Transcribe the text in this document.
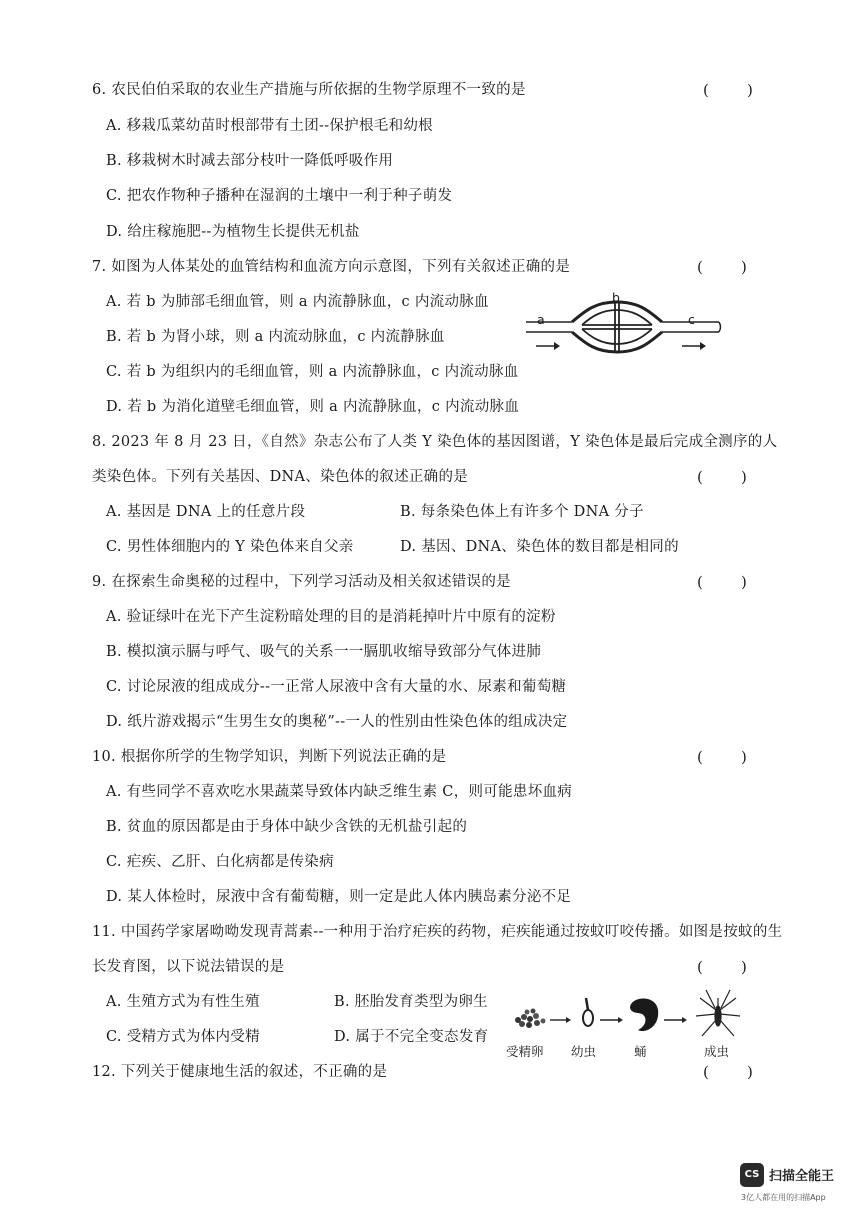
6. 农民伯伯采取的农业生产措施与所依据的生物学原理不一致的是	(        )
A. 移栽瓜菜幼苗时根部带有土团--保护根毛和幼根
B. 移栽树木时减去部分枝叶一降低呼吸作用
C. 把农作物种子播种在湿润的土壤中一利于种子萌发
D. 给庄稼施肥--为植物生长提供无机盐
7. 如图为人体某处的血管结构和血流方向示意图，下列有关叙述正确的是	(        )
A. 若 b 为肺部毛细血管，则 a 内流静脉血，c 内流动脉血
B. 若 b 为肾小球，则 a 内流动脉血，c 内流静脉血
C. 若 b 为组织内的毛细血管，则 a 内流静脉血，c 内流动脉血
D. 若 b 为消化道壁毛细血管，则 a 内流静脉血，c 内流动脉血
a
b
c
8. 2023 年 8 月 23 日，《自然》杂志公布了人类 Y 染色体的基因图谱，Y 染色体是最后完成全测序的人
类染色体。下列有关基因、DNA、染色体的叙述正确的是	(        )
A. 基因是 DNA 上的任意片段	B. 每条染色体上有许多个 DNA 分子
C. 男性体细胞内的 Y 染色体来自父亲	D. 基因、DNA、染色体的数目都是相同的
9. 在探索生命奥秘的过程中，下列学习活动及相关叙述错误的是	(        )
A. 验证绿叶在光下产生淀粉暗处理的目的是消耗掉叶片中原有的淀粉
B. 模拟演示膈与呼气、吸气的关系一一膈肌收缩导致部分气体进肺
C. 讨论尿液的组成成分--一正常人尿液中含有大量的水、尿素和葡萄糖
D. 纸片游戏揭示“生男生女的奥秘”--一人的性别由性染色体的组成决定
10. 根据你所学的生物学知识，判断下列说法正确的是	(        )
A. 有些同学不喜欢吃水果蔬菜导致体内缺乏维生素 C，则可能患坏血病
B. 贫血的原因都是由于身体中缺少含铁的无机盐引起的
C. 疟疾、乙肝、白化病都是传染病
D. 某人体检时，尿液中含有葡萄糖，则一定是此人体内胰岛素分泌不足
11. 中国药学家屠呦呦发现青蒿素--一种用于治疗疟疾的药物，疟疾能通过按蚊叮咬传播。如图是按蚊的生
长发育图，以下说法错误的是	(        )
A. 生殖方式为有性生殖	B. 胚胎发育类型为卵生
C. 受精方式为体内受精	D. 属于不完全变态发育
受精卵 幼虫	蛹	成虫
12. 下列关于健康地生活的叙述，不正确的是	(        )
CS 扫描全能王
3亿人都在用的扫描App
